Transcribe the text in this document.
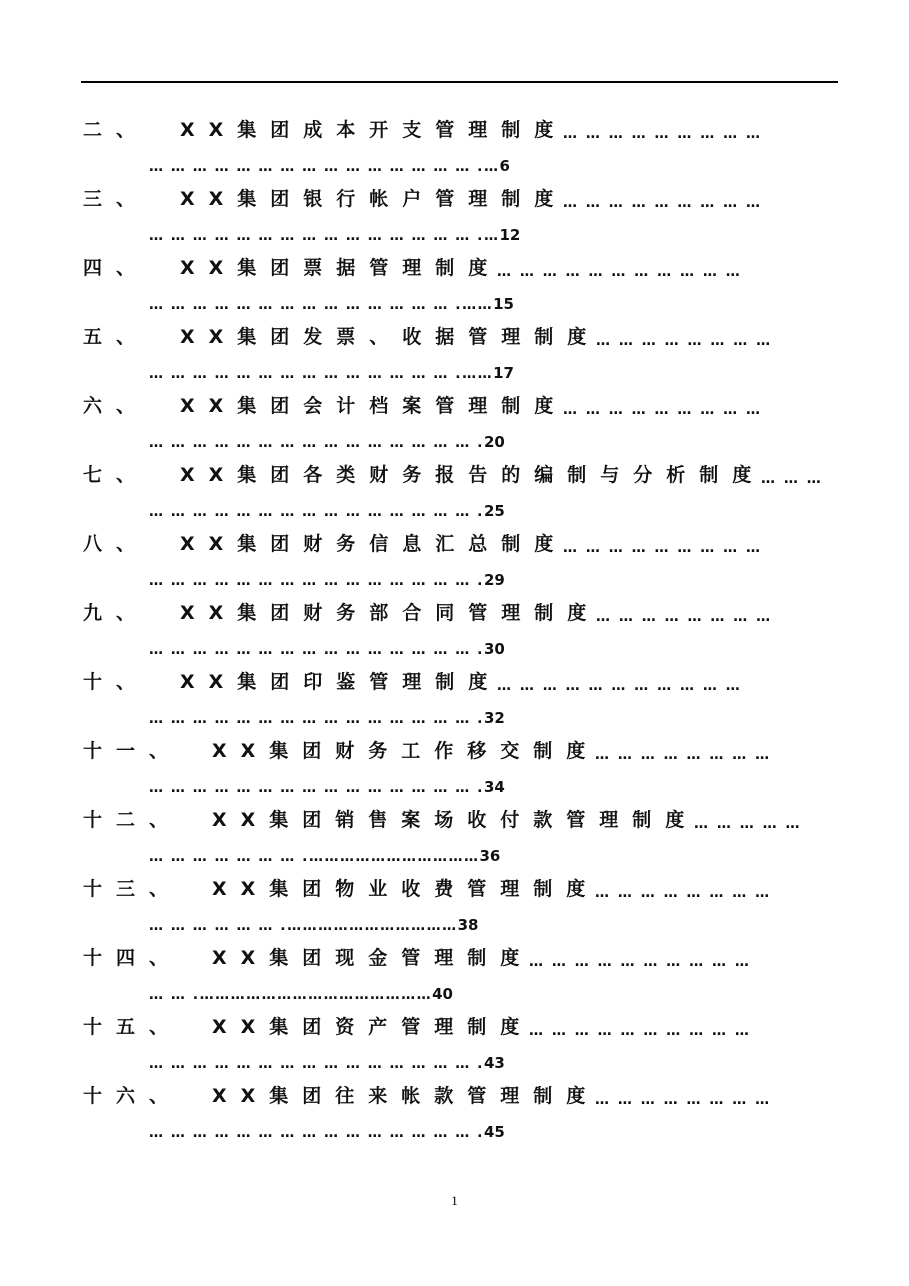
二、 XX集团成本开支管理制度
… … … … … … … … …
… … … … … … … … … … … … … … … .…6
三、 XX集团银行帐户管理制度
… … … … … … … … …
… … … … … … … … … … … … … … … .…12
四、 XX集团票据管理制度
… … … … … … … … … … …
… … … … … … … … … … … … … … .……15
五、 XX集团发票、收据管理制度
… … … … … … … …
… … … … … … … … … … … … … … .……17
六、 XX集团会计档案管理制度
… … … … … … … … …
… … … … … … … … … … … … … … … .20
七、 XX集团各类财务报告的编制与分析制度
… … …
… … … … … … … … … … … … … … … .25
八、 XX集团财务信息汇总制度
… … … … … … … … …
… … … … … … … … … … … … … … … .29
九、 XX集团财务部合同管理制度
… … … … … … … …
… … … … … … … … … … … … … … … .30
十、 XX集团印鉴管理制度
… … … … … … … … … … …
… … … … … … … … … … … … … … … .32
十一、 XX集团财务工作移交制度
… … … … … … … …
… … … … … … … … … … … … … … … .34
十二、 XX集团销售案场收付款管理制度
… … … … …
… … … … … … … .……………………………36
十三、 XX集团物业收费管理制度
… … … … … … … …
… … … … … … .……………………………38
十四、 XX集团现金管理制度
… … … … … … … … … …
… … .………………………………………40
十五、 XX集团资产管理制度
… … … … … … … … … …
… … … … … … … … … … … … … … … .43
十六、 XX集团往来帐款管理制度
… … … … … … … …
… … … … … … … … … … … … … … … .45
1
